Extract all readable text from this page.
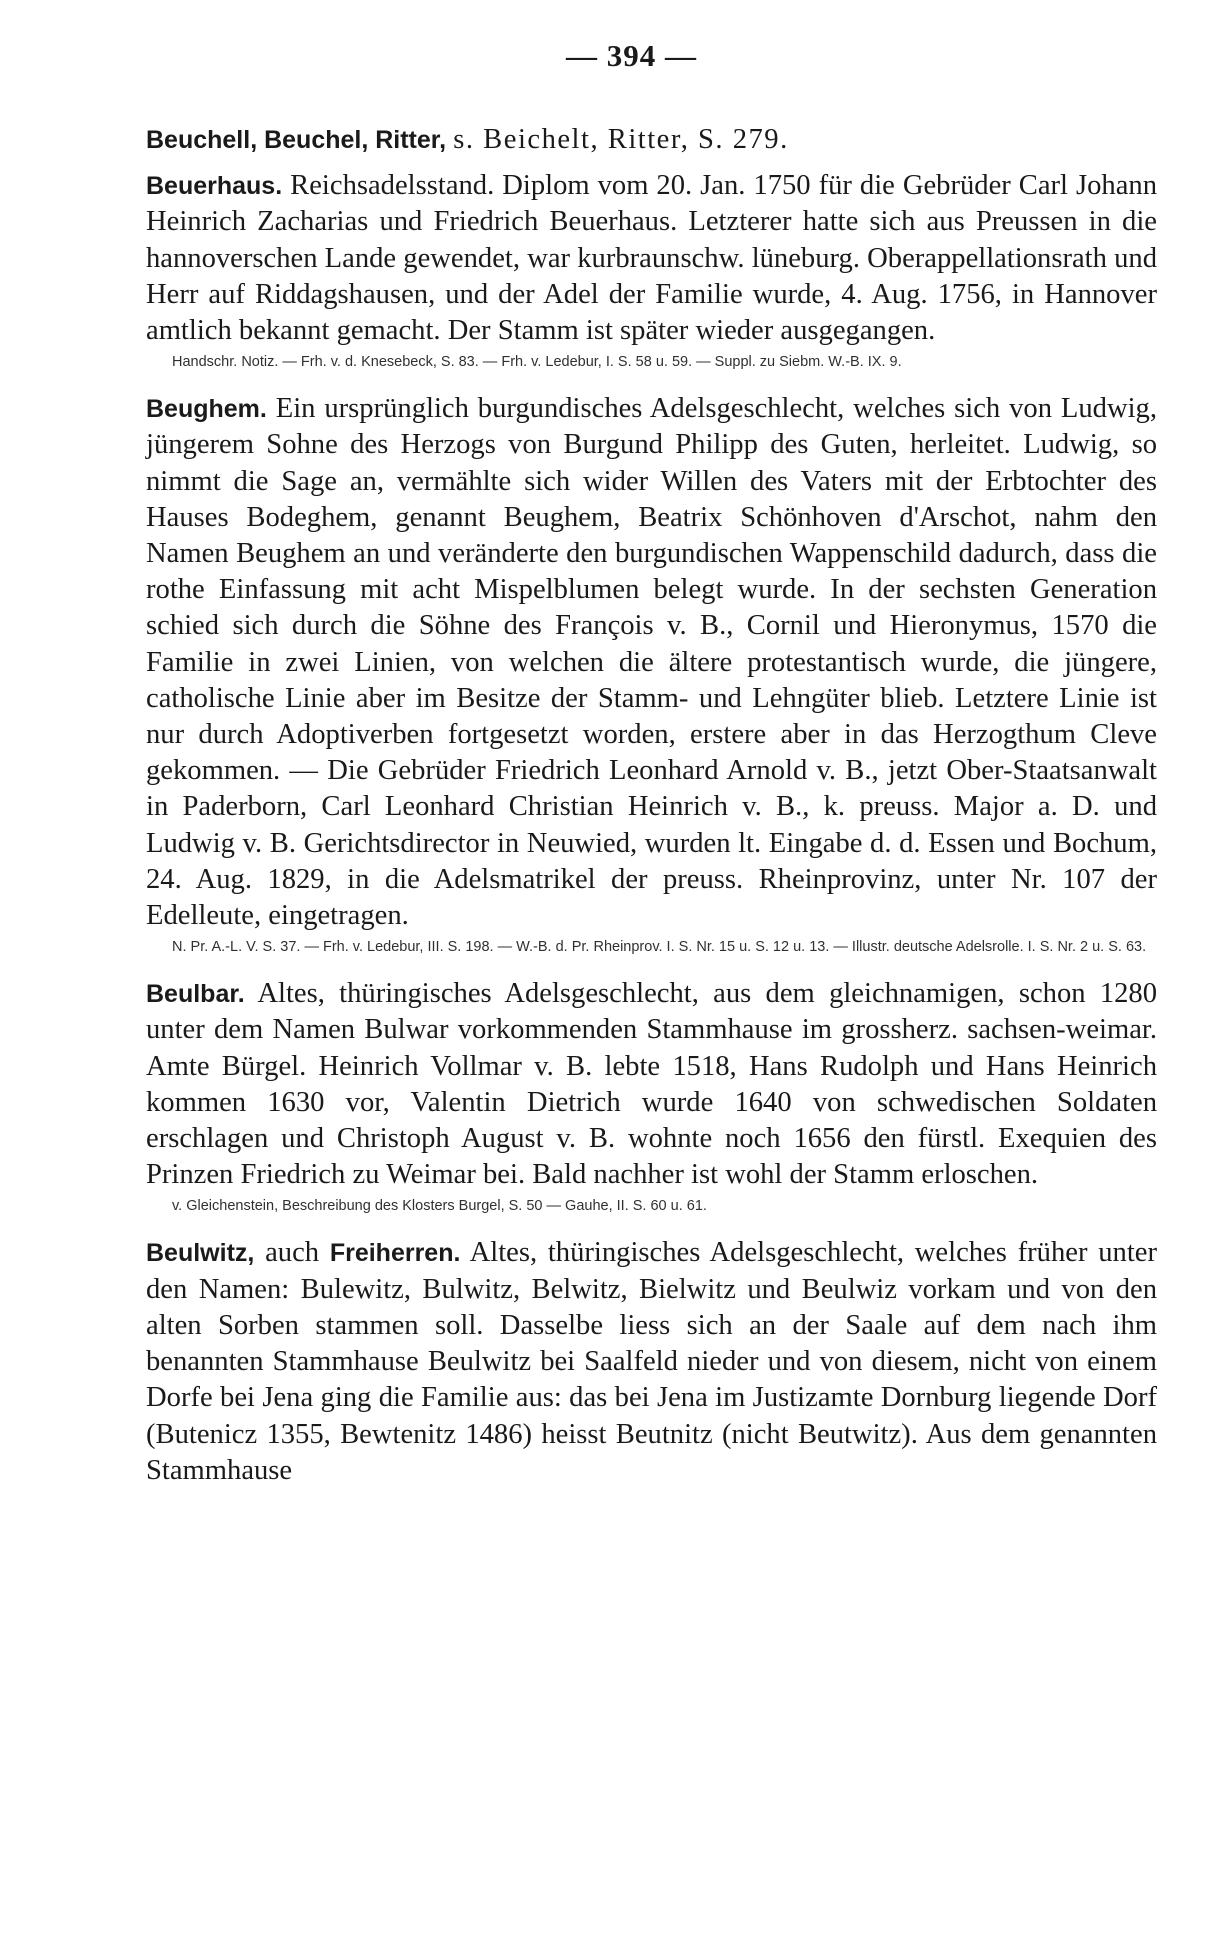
— 394 —

Beuchell, Beuchel, Ritter, s. Beichelt, Ritter, S. 279.

Beuerhaus. Reichsadelsstand. Diplom vom 20. Jan. 1750 für die Gebrüder Carl Johann Heinrich Zacharias und Friedrich Beuerhaus. Letzterer hatte sich aus Preussen in die hannoverschen Lande gewendet, war kurbraunschw. lüneburg. Oberappellationsrath und Herr auf Riddagshausen, und der Adel der Familie wurde, 4. Aug. 1756, in Hannover amtlich bekannt gemacht. Der Stamm ist später wieder ausgegangen.

Handschr. Notiz. — Frh. v. d. Knesebeck, S. 83. — Frh. v. Ledebur, I. S. 58 u. 59. — Suppl. zu Siebm. W.-B. IX. 9.

Beughem. Ein ursprünglich burgundisches Adelsgeschlecht, welches sich von Ludwig, jüngerem Sohne des Herzogs von Burgund Philipp des Guten, herleitet. Ludwig, so nimmt die Sage an, vermählte sich wider Willen des Vaters mit der Erbtochter des Hauses Bodeghem, genannt Beughem, Beatrix Schönhoven d'Arschot, nahm den Namen Beughem an und veränderte den burgundischen Wappenschild dadurch, dass die rothe Einfassung mit acht Mispelblumen belegt wurde. In der sechsten Generation schied sich durch die Söhne des François v. B., Cornil und Hieronymus, 1570 die Familie in zwei Linien, von welchen die ältere protestantisch wurde, die jüngere, catholische Linie aber im Besitze der Stamm- und Lehngüter blieb. Letztere Linie ist nur durch Adoptiverben fortgesetzt worden, erstere aber in das Herzogthum Cleve gekommen. — Die Gebrüder Friedrich Leonhard Arnold v. B., jetzt Ober-Staatsanwalt in Paderborn, Carl Leonhard Christian Heinrich v. B., k. preuss. Major a. D. und Ludwig v. B. Gerichtsdirector in Neuwied, wurden lt. Eingabe d. d. Essen und Bochum, 24. Aug. 1829, in die Adelsmatrikel der preuss. Rheinprovinz, unter Nr. 107 der Edelleute, eingetragen.

N. Pr. A.-L. V. S. 37. — Frh. v. Ledebur, III. S. 198. — W.-B. d. Pr. Rheinprov. I. S. Nr. 15 u. S. 12 u. 13. — Illustr. deutsche Adelsrolle. I. S. Nr. 2 u. S. 63.

Beulbar. Altes, thüringisches Adelsgeschlecht, aus dem gleichnamigen, schon 1280 unter dem Namen Bulwar vorkommenden Stammhause im grossherz. sachsen-weimar. Amte Bürgel. Heinrich Vollmar v. B. lebte 1518, Hans Rudolph und Hans Heinrich kommen 1630 vor, Valentin Dietrich wurde 1640 von schwedischen Soldaten erschlagen und Christoph August v. B. wohnte noch 1656 den fürstl. Exequien des Prinzen Friedrich zu Weimar bei. Bald nachher ist wohl der Stamm erloschen.

v. Gleichenstein, Beschreibung des Klosters Burgel, S. 50 — Gauhe, II. S. 60 u. 61.

Beulwitz, auch Freiherren. Altes, thüringisches Adelsgeschlecht, welches früher unter den Namen: Bulewitz, Bulwitz, Belwitz, Bielwitz und Beulwiz vorkam und von den alten Sorben stammen soll. Dasselbe liess sich an der Saale auf dem nach ihm benannten Stammhause Beulwitz bei Saalfeld nieder und von diesem, nicht von einem Dorfe bei Jena ging die Familie aus: das bei Jena im Justizamte Dornburg liegende Dorf (Butenicz 1355, Bewtenitz 1486) heisst Beutnitz (nicht Beutwitz). Aus dem genannten Stammhause
